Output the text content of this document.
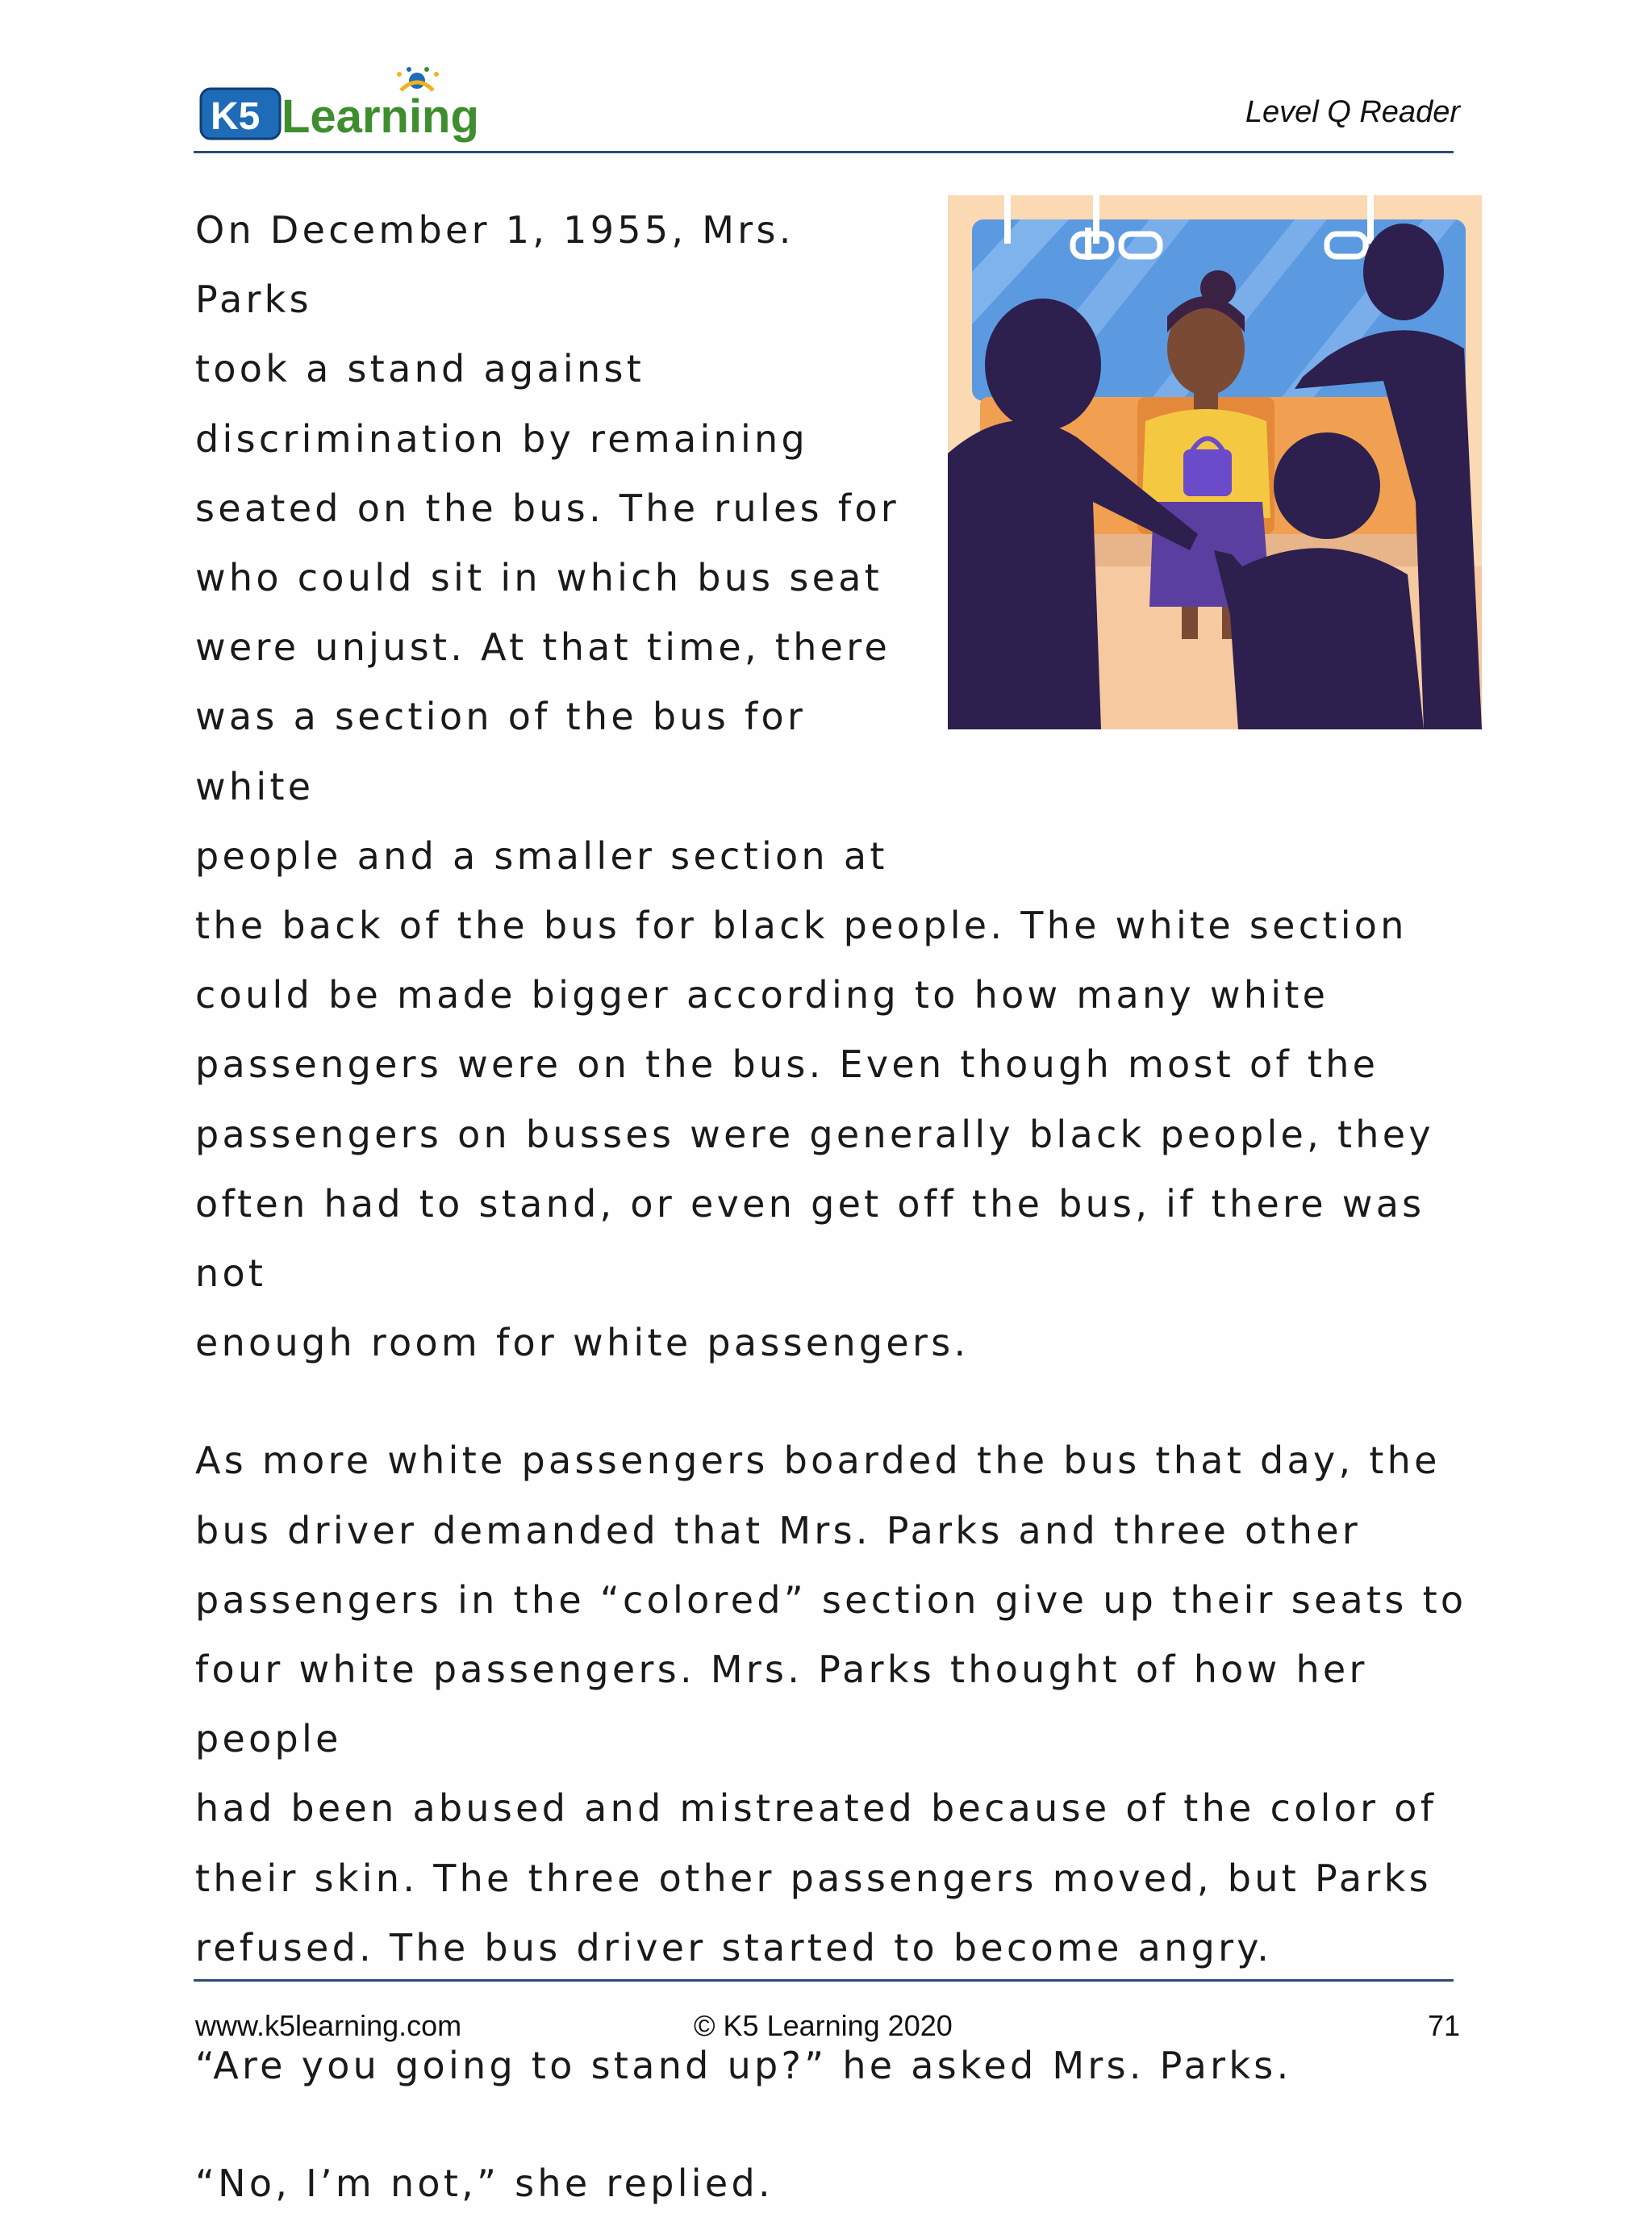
K5 Learning	Level Q Reader

On December 1, 1955, Mrs. Parks
took a stand against
discrimination by remaining
seated on the bus. The rules for
who could sit in which bus seat
were unjust. At that time, there
was a section of the bus for white
people and a smaller section at

the back of the bus for black people. The white section
could be made bigger according to how many white
passengers were on the bus. Even though most of the
passengers on busses were generally black people, they
often had to stand, or even get off the bus, if there was not
enough room for white passengers.

As more white passengers boarded the bus that day, the
bus driver demanded that Mrs. Parks and three other
passengers in the “colored” section give up their seats to
four white passengers. Mrs. Parks thought of how her people
had been abused and mistreated because of the color of
their skin. The three other passengers moved, but Parks
refused. The bus driver started to become angry.

“Are you going to stand up?” he asked Mrs. Parks.

“No, I’m not,” she replied.

www.k5learning.com	© K5 Learning 2020	71
